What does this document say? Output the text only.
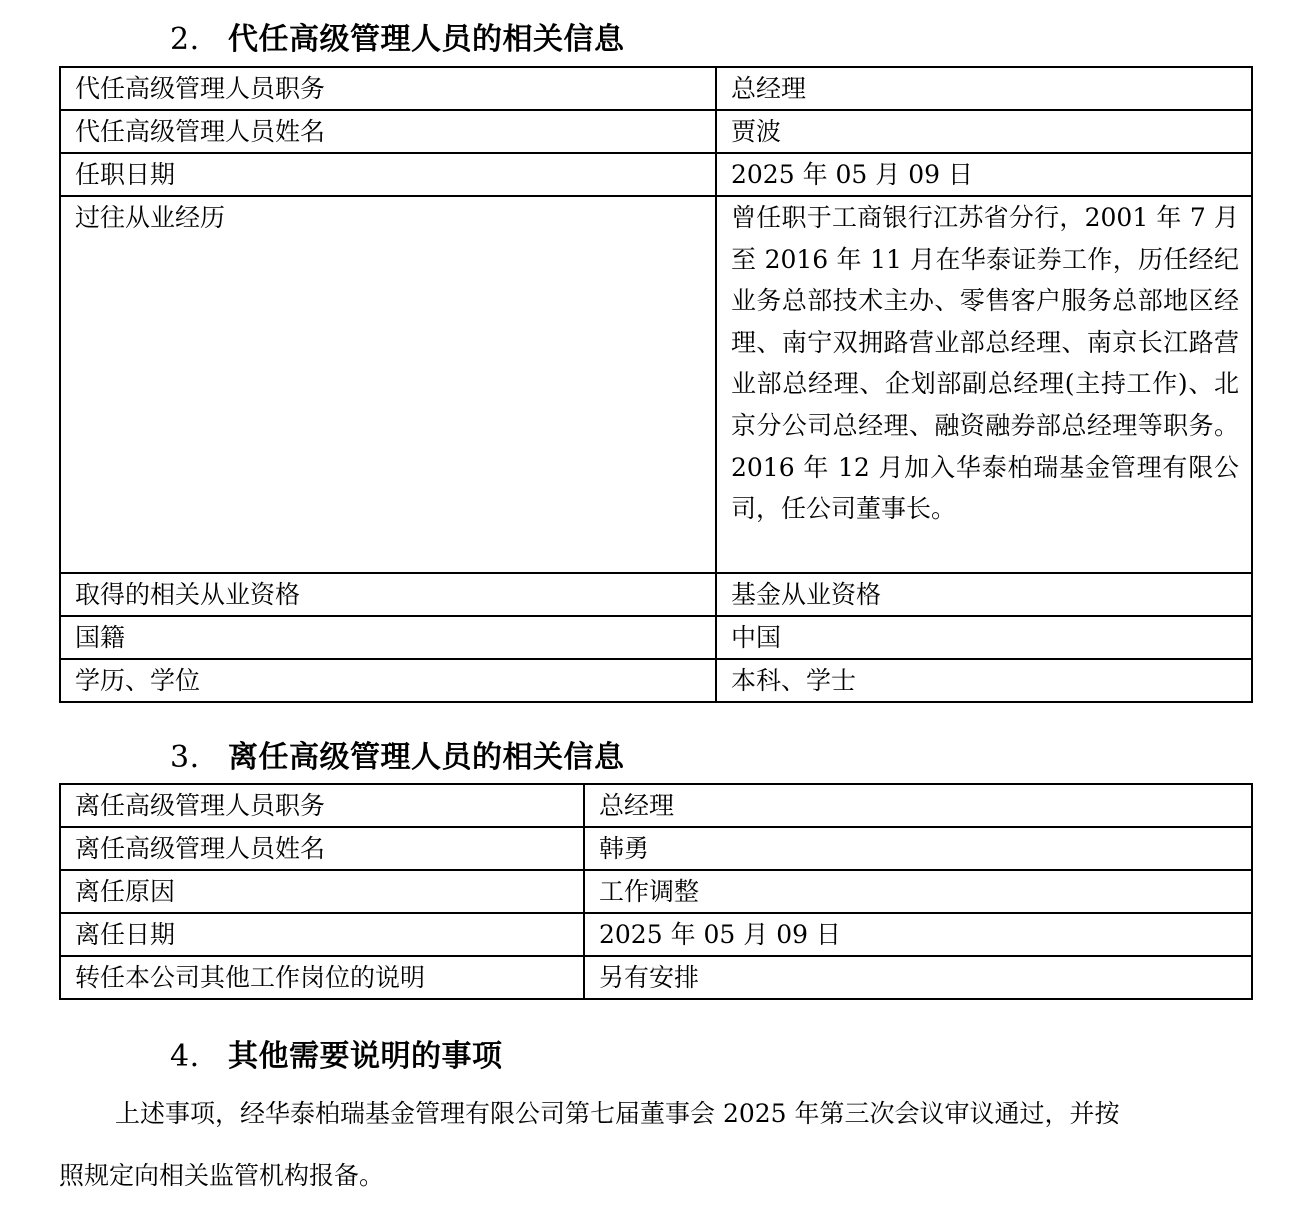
2. 代任高级管理人员的相关信息
代任高级管理人员职务	总经理
代任高级管理人员姓名	贾波
任职日期	2025 年 05 月 09 日
过往从业经历	曾任职于工商银行江苏省分行，2001 年 7 月至 2016 年 11 月在华泰证券工作，历任经纪业务总部技术主办、零售客户服务总部地区经理、南宁双拥路营业部总经理、南京长江路营业部总经理、企划部副总经理(主持工作)、北京分公司总经理、融资融券部总经理等职务。2016 年 12 月加入华泰柏瑞基金管理有限公司，任公司董事长。
取得的相关从业资格	基金从业资格
国籍	中国
学历、学位	本科、学士
3. 离任高级管理人员的相关信息
离任高级管理人员职务	总经理
离任高级管理人员姓名	韩勇
离任原因	工作调整
离任日期	2025 年 05 月 09 日
转任本公司其他工作岗位的说明	另有安排
4. 其他需要说明的事项
上述事项，经华泰柏瑞基金管理有限公司第七届董事会 2025 年第三次会议审议通过，并按
照规定向相关监管机构报备。
